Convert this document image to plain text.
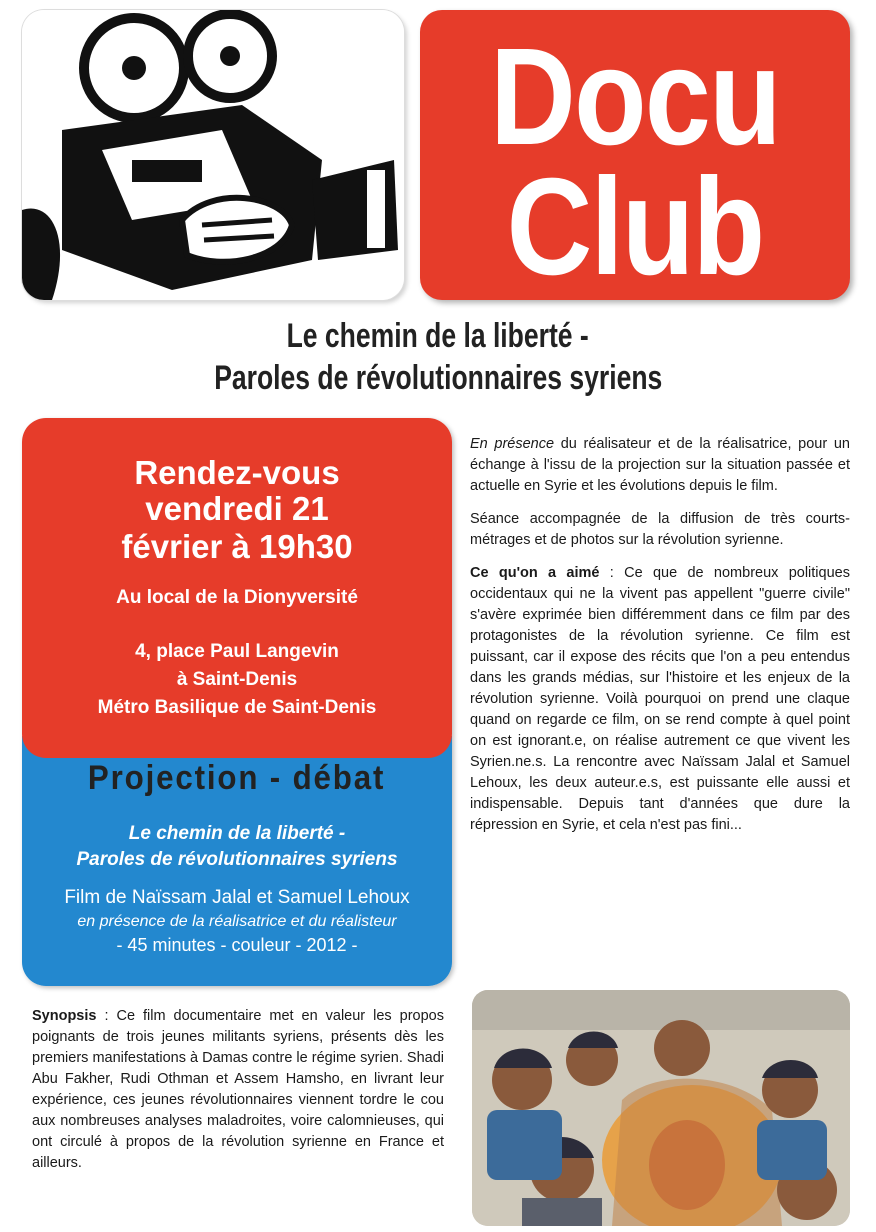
Docu
Club
Le chemin de la liberté -
Paroles de révolutionnaires syriens
Rendez-vous
vendredi 21
février à 19h30
Au local de la Dionyversité
4, place Paul Langevin
à Saint-Denis
Métro Basilique de Saint-Denis
Projection - débat
Le chemin de la liberté -
Paroles de révolutionnaires syriens
Film de Naïssam Jalal et Samuel Lehoux
en présence de la réalisatrice et du réalisteur
- 45 minutes - couleur - 2012 -

En présence du réalisateur et de la réalisatrice, pour un échange à l'issu de la projection sur la situation passée et actuelle en Syrie et les évolutions depuis le film.

Séance accompagnée de la diffusion de très courts-métrages et de photos sur la révolution syrienne.

Ce qu'on a aimé : Ce que de nombreux politiques occidentaux qui ne la vivent pas appellent "guerre civile" s'avère exprimée bien différemment dans ce film par des protagonistes de la révolution syrienne. Ce film est puissant, car il expose des récits que l'on a peu entendus dans les grands médias, sur l'histoire et les enjeux de la révolution syrienne. Voilà pourquoi on prend une claque quand on regarde ce film, on se rend compte à quel point on est ignorant.e, on réalise autrement ce que vivent les Syrien.ne.s. La rencontre avec Naïssam Jalal et Samuel Lehoux, les deux auteur.e.s, est puissante elle aussi et indispensable. Depuis tant d'années que dure la répression en Syrie, et cela n'est pas fini...

Synopsis : Ce film documentaire met en valeur les propos poignants de trois jeunes militants syriens, présents dès les premiers manifestations à Damas contre le régime syrien. Shadi Abu Fakher, Rudi Othman et Assem Hamsho, en livrant leur expérience, ces jeunes révolutionnaires viennent tordre le cou aux nombreuses analyses maladroites, voire calomnieuses, qui ont circulé à propos de la révolution syrienne en France et ailleurs.
